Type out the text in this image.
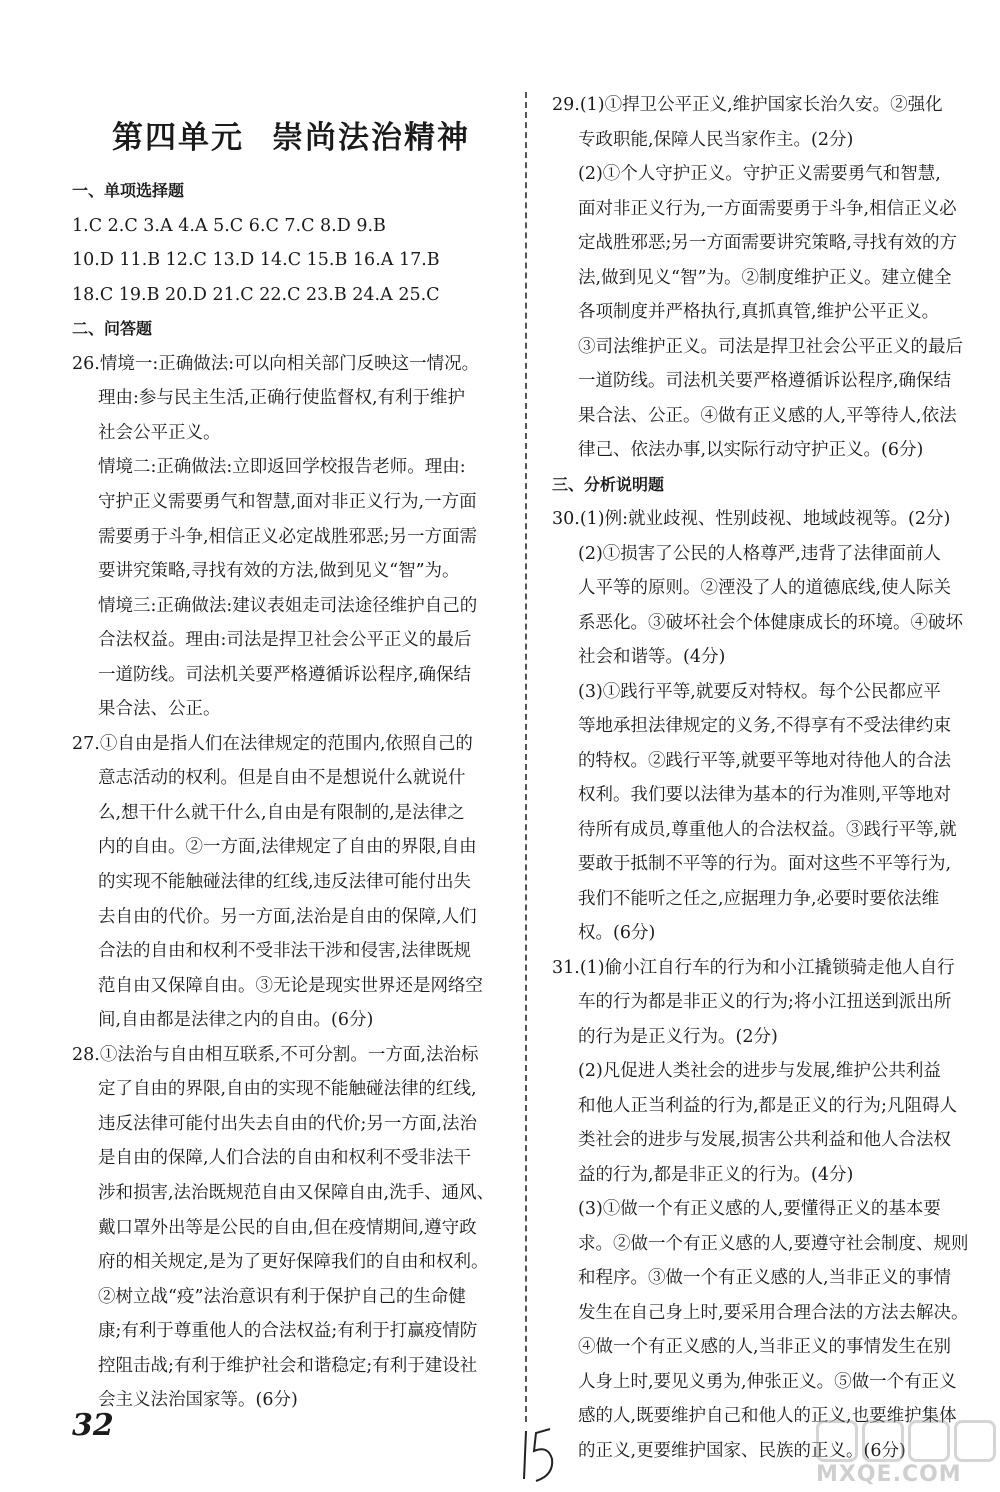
第四单元 崇尚法治精神
一、单项选择题
1.C 2.C 3.A 4.A 5.C 6.C 7.C 8.D 9.B
10.D 11.B 12.C 13.D 14.C 15.B 16.A 17.B
18.C 19.B 20.D 21.C 22.C 23.B 24.A 25.C
二、问答题
26.情境一:正确做法:可以向相关部门反映这一情况。
理由:参与民主生活,正确行使监督权,有利于维护
社会公平正义。
情境二:正确做法:立即返回学校报告老师。理由:
守护正义需要勇气和智慧,面对非正义行为,一方面
需要勇于斗争,相信正义必定战胜邪恶;另一方面需
要讲究策略,寻找有效的方法,做到见义“智”为。
情境三:正确做法:建议表姐走司法途径维护自己的
合法权益。理由:司法是捍卫社会公平正义的最后
一道防线。司法机关要严格遵循诉讼程序,确保结
果合法、公正。
27.①自由是指人们在法律规定的范围内,依照自己的
意志活动的权利。但是自由不是想说什么就说什
么,想干什么就干什么,自由是有限制的,是法律之
内的自由。②一方面,法律规定了自由的界限,自由
的实现不能触碰法律的红线,违反法律可能付出失
去自由的代价。另一方面,法治是自由的保障,人们
合法的自由和权利不受非法干涉和侵害,法律既规
范自由又保障自由。③无论是现实世界还是网络空
间,自由都是法律之内的自由。(6分)
28.①法治与自由相互联系,不可分割。一方面,法治标
定了自由的界限,自由的实现不能触碰法律的红线,
违反法律可能付出失去自由的代价;另一方面,法治
是自由的保障,人们合法的自由和权利不受非法干
涉和损害,法治既规范自由又保障自由,洗手、通风、
戴口罩外出等是公民的自由,但在疫情期间,遵守政
府的相关规定,是为了更好保障我们的自由和权利。
②树立战“疫”法治意识有利于保护自己的生命健
康;有利于尊重他人的合法权益;有利于打赢疫情防
控阻击战;有利于维护社会和谐稳定;有利于建设社
会主义法治国家等。(6分)
29.(1)①捍卫公平正义,维护国家长治久安。②强化
专政职能,保障人民当家作主。(2分)
(2)①个人守护正义。守护正义需要勇气和智慧,
面对非正义行为,一方面需要勇于斗争,相信正义必
定战胜邪恶;另一方面需要讲究策略,寻找有效的方
法,做到见义“智”为。②制度维护正义。建立健全
各项制度并严格执行,真抓真管,维护公平正义。
③司法维护正义。司法是捍卫社会公平正义的最后
一道防线。司法机关要严格遵循诉讼程序,确保结
果合法、公正。④做有正义感的人,平等待人,依法
律己、依法办事,以实际行动守护正义。(6分)
三、分析说明题
30.(1)例:就业歧视、性别歧视、地域歧视等。(2分)
(2)①损害了公民的人格尊严,违背了法律面前人
人平等的原则。②湮没了人的道德底线,使人际关
系恶化。③破坏社会个体健康成长的环境。④破坏
社会和谐等。(4分)
(3)①践行平等,就要反对特权。每个公民都应平
等地承担法律规定的义务,不得享有不受法律约束
的特权。②践行平等,就要平等地对待他人的合法
权利。我们要以法律为基本的行为准则,平等地对
待所有成员,尊重他人的合法权益。③践行平等,就
要敢于抵制不平等的行为。面对这些不平等行为,
我们不能听之任之,应据理力争,必要时要依法维
权。(6分)
31.(1)偷小江自行车的行为和小江撬锁骑走他人自行
车的行为都是非正义的行为;将小江扭送到派出所
的行为是正义行为。(2分)
(2)凡促进人类社会的进步与发展,维护公共利益
和他人正当利益的行为,都是正义的行为;凡阻碍人
类社会的进步与发展,损害公共利益和他人合法权
益的行为,都是非正义的行为。(4分)
(3)①做一个有正义感的人,要懂得正义的基本要
求。②做一个有正义感的人,要遵守社会制度、规则
和程序。③做一个有正义感的人,当非正义的事情
发生在自己身上时,要采用合理合法的方法去解决。
④做一个有正义感的人,当非正义的事情发生在别
人身上时,要见义勇为,伸张正义。⑤做一个有正义
感的人,既要维护自己和他人的正义,也要维护集体
的正义,更要维护国家、民族的正义。(6分)
32
MXQE.COM
